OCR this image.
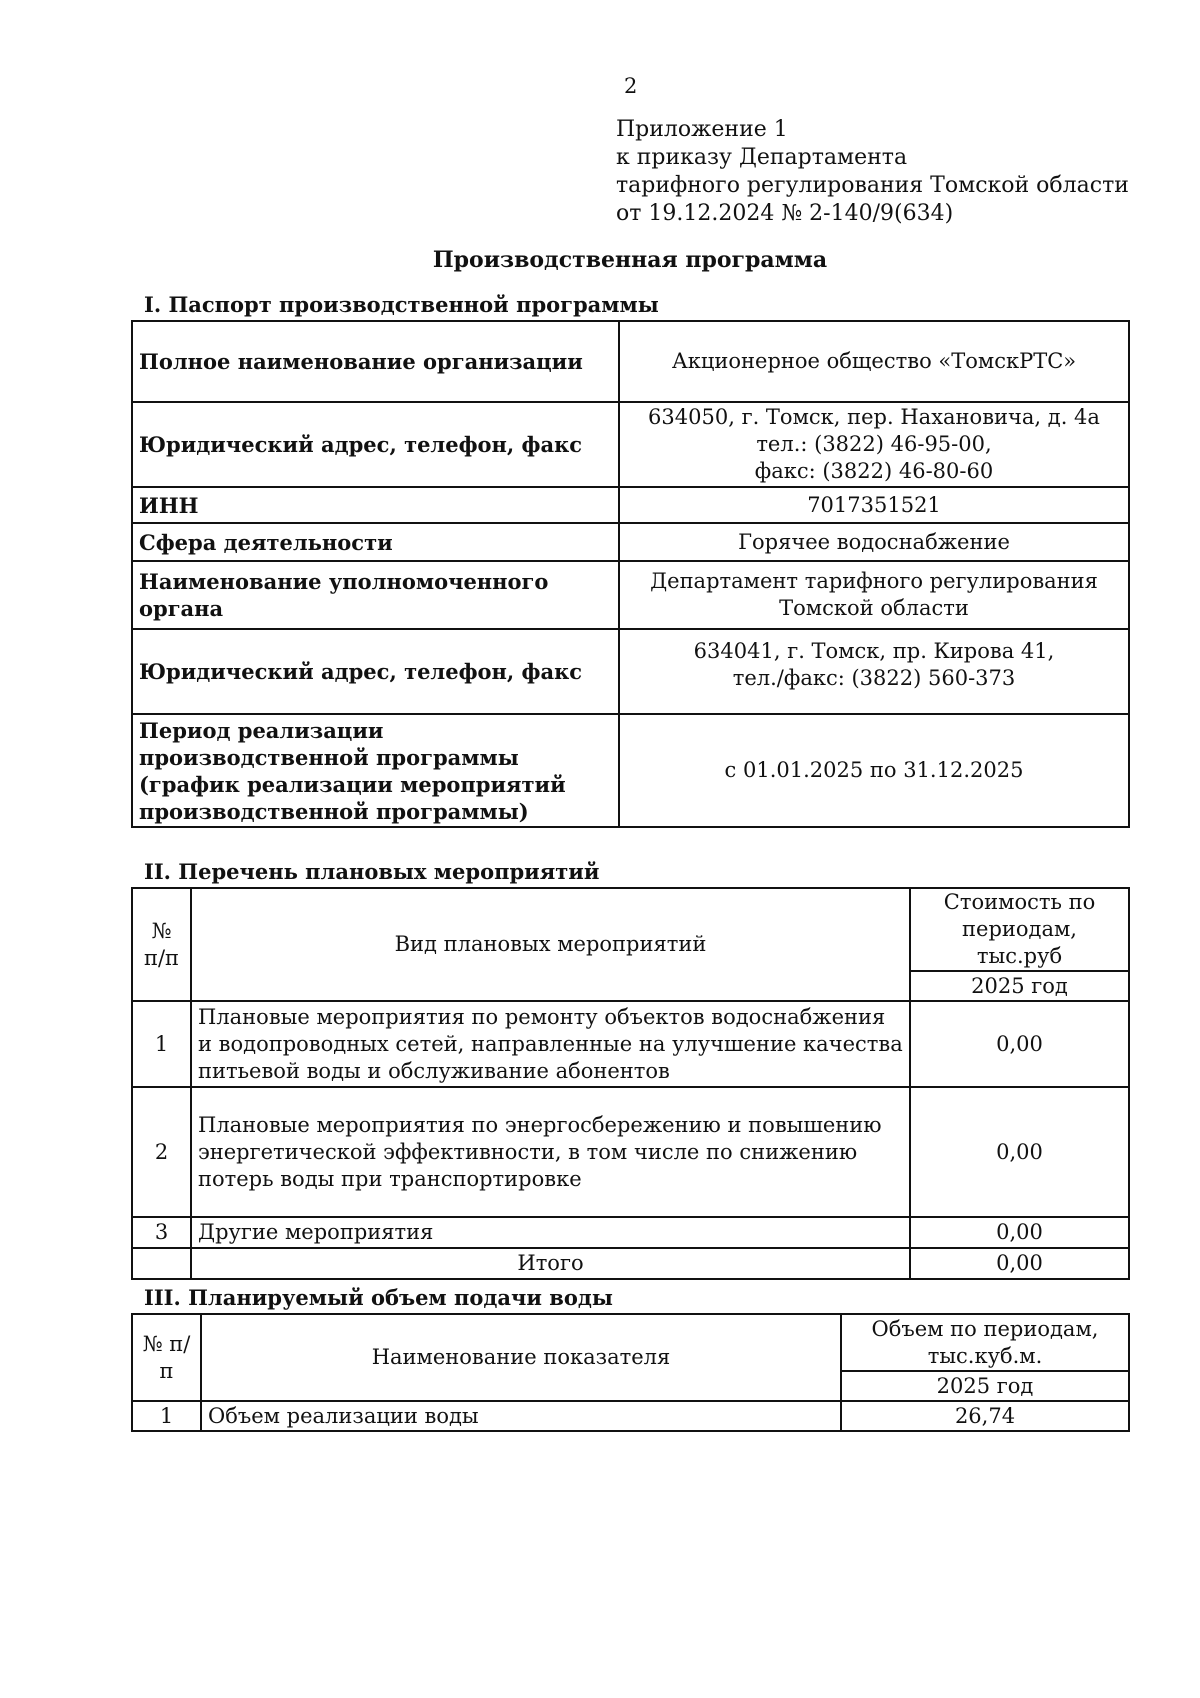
2
Приложение 1
к приказу Департамента
тарифного регулирования Томской области
от 19.12.2024 № 2-140/9(634)
Производственная программа
I. Паспорт производственной программы
Полное наименование организации	Акционерное общество «ТомскРТС»

Юридический адрес, телефон, факс	634050, г. Томск, пер. Нахановича, д. 4а
тел.: (3822) 46-95-00,
факс: (3822) 46-80-60

ИНН	7017351521

Сфера деятельности	Горячее водоснабжение

Наименование уполномоченного органа	Департамент тарифного регулирования
Томской области

Юридический адрес, телефон, факс	634041, г. Томск, пр. Кирова 41,
тел./факс: (3822) 560-373

Период реализации производственной программы (график реализации мероприятий производственной программы)	с 01.01.2025 по 31.12.2025
II. Перечень плановых мероприятий
№ п/п	Вид плановых мероприятий	Стоимость по периодам, тыс.руб
		2025 год
1	Плановые мероприятия по ремонту объектов водоснабжения и водопроводных сетей, направленные на улучшение качества питьевой воды и обслуживание абонентов	0,00
2	Плановые мероприятия по энергосбережению и повышению энергетической эффективности, в том числе по снижению потерь воды при транспортировке	0,00
3	Другие мероприятия	0,00
	Итого	0,00
III. Планируемый объем подачи воды
№ п/п	Наименование показателя	Объем по периодам, тыс.куб.м.
		2025 год
1	Объем реализации воды	26,74
